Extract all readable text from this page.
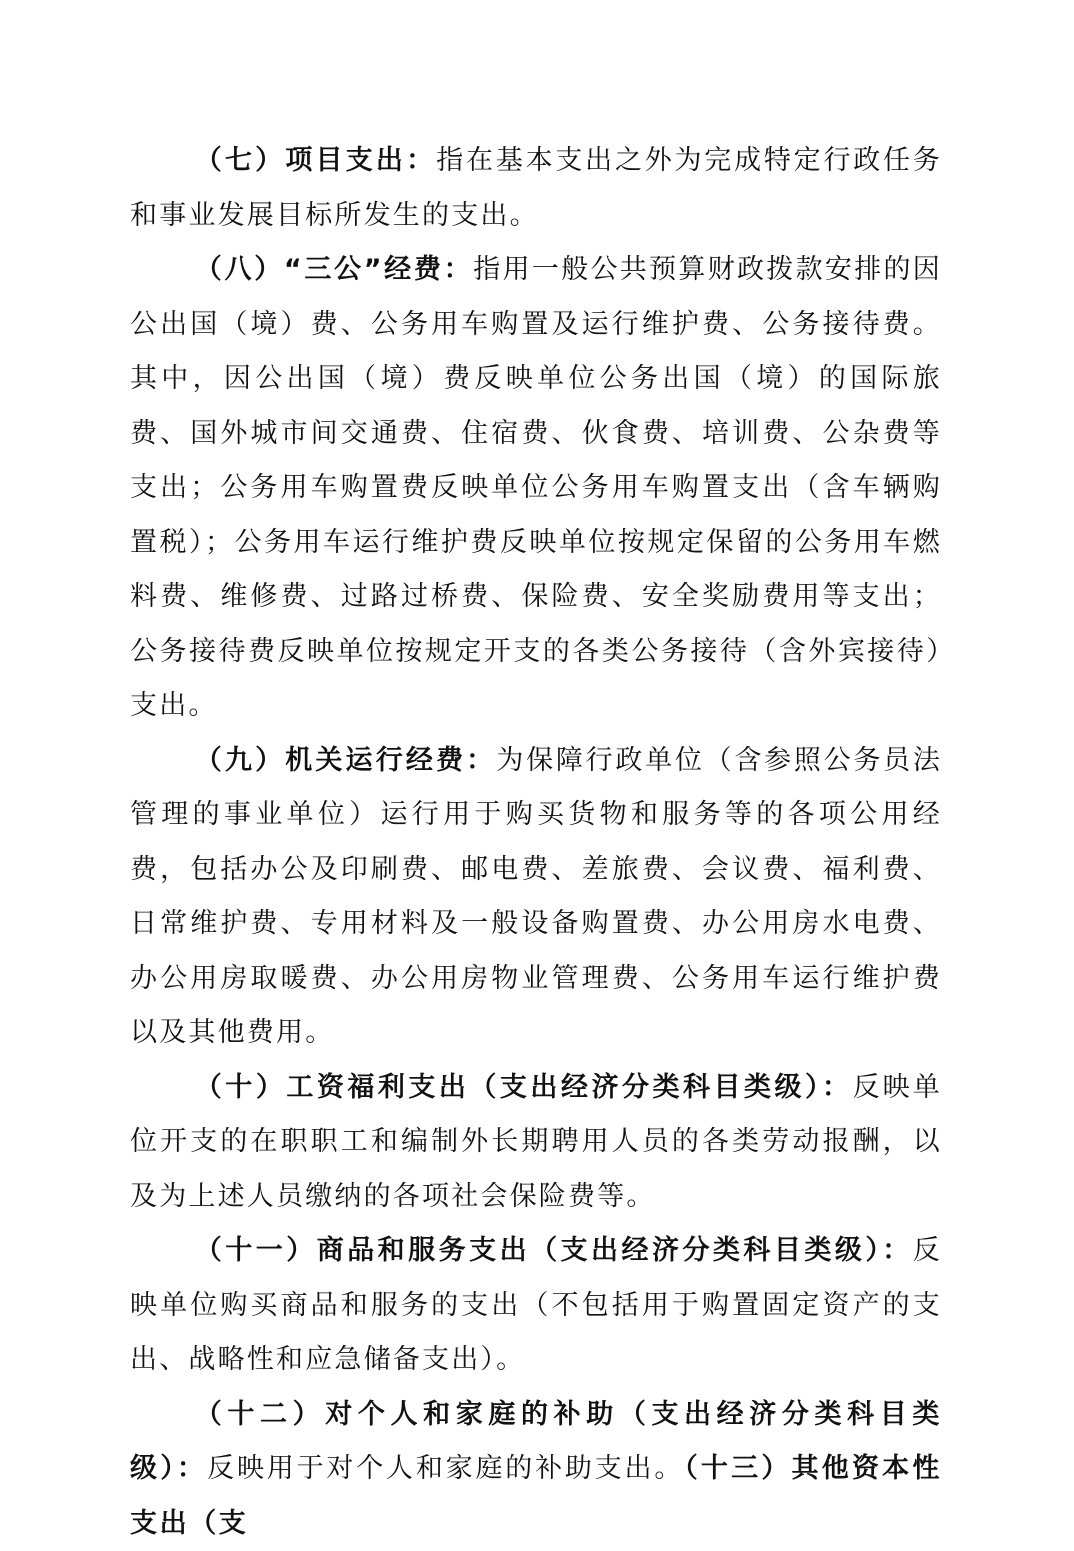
（七）项目支出：指在基本支出之外为完成特定行政任务和事业发展目标所发生的支出。

（八）“三公”经费：指用一般公共预算财政拨款安排的因公出国（境）费、公务用车购置及运行维护费、公务接待费。其中，因公出国（境）费反映单位公务出国（境）的国际旅费、国外城市间交通费、住宿费、伙食费、培训费、公杂费等支出；公务用车购置费反映单位公务用车购置支出（含车辆购置税）；公务用车运行维护费反映单位按规定保留的公务用车燃料费、维修费、过路过桥费、保险费、安全奖励费用等支出；公务接待费反映单位按规定开支的各类公务接待（含外宾接待）支出。

（九）机关运行经费：为保障行政单位（含参照公务员法管理的事业单位）运行用于购买货物和服务等的各项公用经费，包括办公及印刷费、邮电费、差旅费、会议费、福利费、日常维护费、专用材料及一般设备购置费、办公用房水电费、办公用房取暖费、办公用房物业管理费、公务用车运行维护费以及其他费用。

（十）工资福利支出（支出经济分类科目类级）：反映单位开支的在职职工和编制外长期聘用人员的各类劳动报酬，以及为上述人员缴纳的各项社会保险费等。

（十一）商品和服务支出（支出经济分类科目类级）：反映单位购买商品和服务的支出（不包括用于购置固定资产的支出、战略性和应急储备支出）。

（十二）对个人和家庭的补助（支出经济分类科目类级）：反映用于对个人和家庭的补助支出。（十三）其他资本性支出（支
